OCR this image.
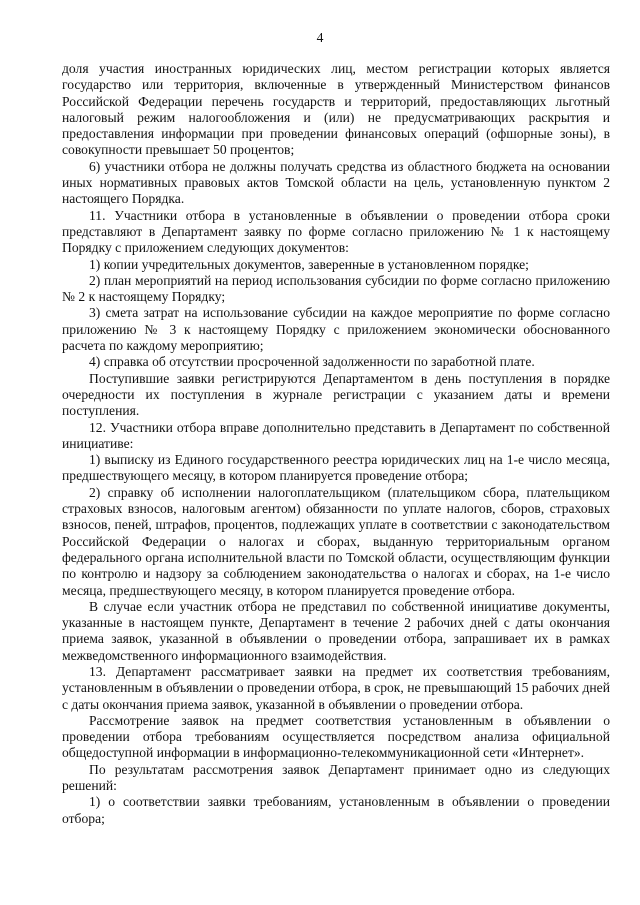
4

доля участия иностранных юридических лиц, местом регистрации которых является государство или территория, включенные в утвержденный Министерством финансов Российской Федерации перечень государств и территорий, предоставляющих льготный налоговый режим налогообложения и (или) не предусматривающих раскрытия и предоставления информации при проведении финансовых операций (офшорные зоны), в совокупности превышает 50 процентов;

6) участники отбора не должны получать средства из областного бюджета на основании иных нормативных правовых актов Томской области на цель, установленную пунктом 2 настоящего Порядка.

11. Участники отбора в установленные в объявлении о проведении отбора сроки представляют в Департамент заявку по форме согласно приложению № 1 к настоящему Порядку с приложением следующих документов:

1) копии учредительных документов, заверенные в установленном порядке;

2) план мероприятий на период использования субсидии по форме согласно приложению № 2 к настоящему Порядку;

3) смета затрат на использование субсидии на каждое мероприятие по форме согласно приложению № 3 к настоящему Порядку с приложением экономически обоснованного расчета по каждому мероприятию;

4) справка об отсутствии просроченной задолженности по заработной плате.

Поступившие заявки регистрируются Департаментом в день поступления в порядке очередности их поступления в журнале регистрации с указанием даты и времени поступления.

12. Участники отбора вправе дополнительно представить в Департамент по собственной инициативе:

1) выписку из Единого государственного реестра юридических лиц на 1-е число месяца, предшествующего месяцу, в котором планируется проведение отбора;

2) справку об исполнении налогоплательщиком (плательщиком сбора, плательщиком страховых взносов, налоговым агентом) обязанности по уплате налогов, сборов, страховых взносов, пеней, штрафов, процентов, подлежащих уплате в соответствии с законодательством Российской Федерации о налогах и сборах, выданную территориальным органом федерального органа исполнительной власти по Томской области, осуществляющим функции по контролю и надзору за соблюдением законодательства о налогах и сборах, на 1-е число месяца, предшествующего месяцу, в котором планируется проведение отбора.

В случае если участник отбора не представил по собственной инициативе документы, указанные в настоящем пункте, Департамент в течение 2 рабочих дней с даты окончания приема заявок, указанной в объявлении о проведении отбора, запрашивает их в рамках межведомственного информационного взаимодействия.

13. Департамент рассматривает заявки на предмет их соответствия требованиям, установленным в объявлении о проведении отбора, в срок, не превышающий 15 рабочих дней с даты окончания приема заявок, указанной в объявлении о проведении отбора.

Рассмотрение заявок на предмет соответствия установленным в объявлении о проведении отбора требованиям осуществляется посредством анализа официальной общедоступной информации в информационно-телекоммуникационной сети «Интернет».

По результатам рассмотрения заявок Департамент принимает одно из следующих решений:

1) о соответствии заявки требованиям, установленным в объявлении о проведении отбора;
